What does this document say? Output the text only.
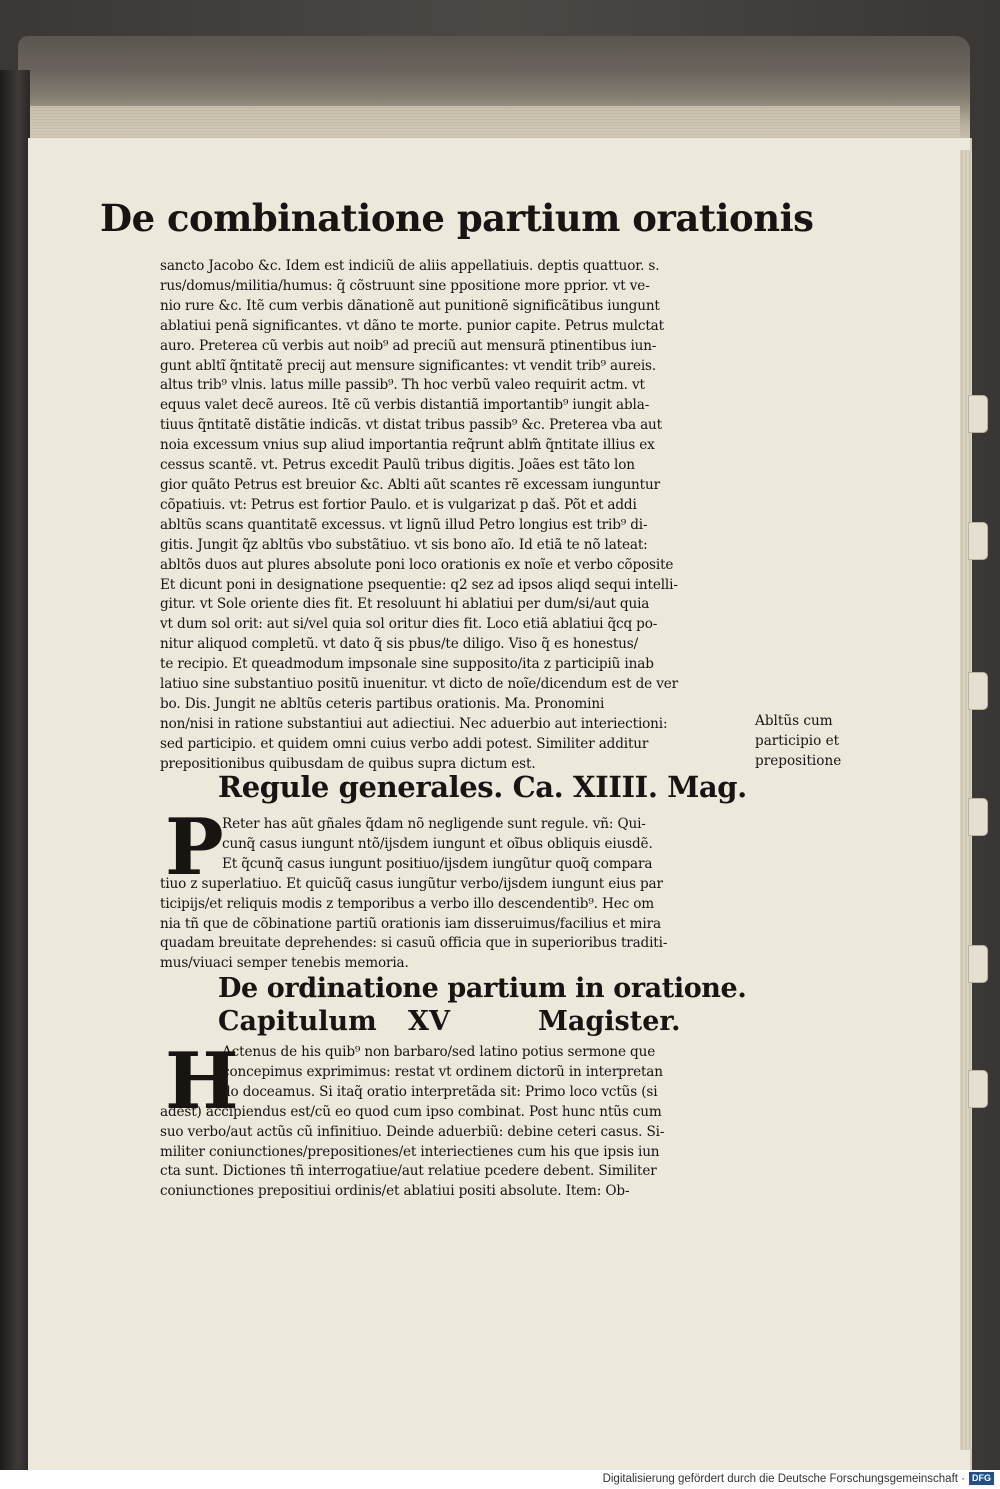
De combinatione partium orationis
sancto Jacobo &c. Idem est indiciũ de aliis appellatiuis. deptis quattuor. s.
rus/domus/militia/humus: q̃ cõstruunt sine ppositione more pprior. vt ve-
nio rure &c. Itẽ cum verbis dãnationẽ aut punitionẽ significãtibus iungunt
ablatiui penã significantes. vt dãno te morte. punior capite. Petrus mulctat
auro. Preterea cũ verbis aut noib⁹ ad preciũ aut mensurã ptinentibus iun-
gunt abltĩ q̃ntitatẽ precij aut mensure significantes: vt vendit trib⁹ aureis.
altus trib⁹ vlnis. latus mille passib⁹. Th hoc verbũ valeo requirit actm. vt
equus valet decẽ aureos. Itẽ cũ verbis distantiã importantib⁹ iungit abla-
tiuus q̃ntitatẽ distãtie indicãs. vt distat tribus passib⁹ &c. Preterea vba aut
noia excessum vnius sup aliud importantia req̃runt ablm̃ q̃ntitate illius ex
cessus scantẽ. vt. Petrus excedit Paulũ tribus digitis. Joães est tãto lon
gior quãto Petrus est breuior &c. Ablti aũt scantes rẽ excessam iunguntur
cõpatiuis. vt: Petrus est fortior Paulo. et is vulgarizat p daš. Põt et addi
abltũs scans quantitatẽ excessus. vt lignũ illud Petro longius est trib⁹ di-
gitis. Jungit q̃z abltũs vbo substãtiuo. vt sis bono aĩo. Id etiã te nõ lateat:
abltõs duos aut plures absolute poni loco orationis ex noĩe et verbo cõposite
Et dicunt poni in designatione psequentie: q2 sez ad ipsos aliqd sequi intelli-
gitur. vt Sole oriente dies fit. Et resoluunt hi ablatiui per dum/si/aut quia
vt dum sol orit: aut si/vel quia sol oritur dies fit. Loco etiã ablatiui q̃cq po-
nitur aliquod completũ. vt dato q̃ sis pbus/te diligo. Viso q̃ es honestus/
te recipio. Et queadmodum impsonale sine supposito/ita z participiũ inab
latiuo sine substantiuo positũ inuenitur. vt dicto de noĩe/dicendum est de ver
bo. Dis. Jungit ne abltũs ceteris partibus orationis. Ma. Pronomini
non/nisi in ratione substantiui aut adiectiui. Nec aduerbio aut interiectioni:
sed participio. et quidem omni cuius verbo addi potest. Similiter additur
prepositionibus quibusdam de quibus supra dictum est.
Abltũs cum
participio et
prepositione
Regule generales. Ca. XIIII. Mag.
P
Reter has aũt gñales q̃dam nõ negligende sunt regule. vñ: Qui-
cunq̃ casus iungunt ntõ/ijsdem iungunt et oĩbus obliquis eiusdẽ.
Et q̃cunq̃ casus iungunt positiuo/ijsdem iungũtur quoq̃ compara
tiuo z superlatiuo. Et quicũq̃ casus iungũtur verbo/ijsdem iungunt eius par
ticipijs/et reliquis modis z temporibus a verbo illo descendentib⁹. Hec om
nia tñ que de cõbinatione partiũ orationis iam disseruimus/facilius et mira
quadam breuitate deprehendes: si casuũ officia que in superioribus traditi-
mus/viuaci semper tenebis memoria.
De ordinatione partium in oratione.
Capitulum XV	Magister.
H
Actenus de his quib⁹ non barbaro/sed latino potius sermone que
concepimus exprimimus: restat vt ordinem dictorũ in interpretan
do doceamus. Si itaq̃ oratio interpretãda sit: Primo loco vctũs (si
adest) accipiendus est/cũ eo quod cum ipso combinat. Post hunc ntũs cum
suo verbo/aut actũs cũ infinitiuo. Deinde aduerbiũ: debine ceteri casus. Si-
militer coniunctiones/prepositiones/et interiectienes cum his que ipsis iun
cta sunt. Dictiones tñ interrogatiue/aut relatiue pcedere debent. Similiter
coniunctiones prepositiui ordinis/et ablatiui positi absolute. Item: Ob-
Digitalisierung gefördert durch die Deutsche Forschungsgemeinschaft · DFG
